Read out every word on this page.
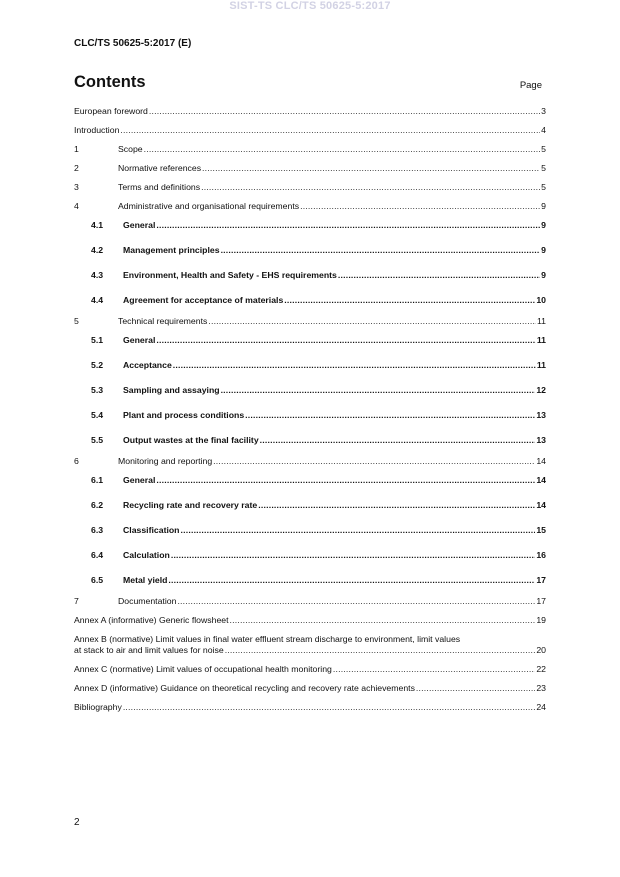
SIST-TS CLC/TS 50625-5:2017
CLC/TS 50625-5:2017 (E)
Contents	Page
European foreword .....	3
Introduction .....	4
1	Scope .....	5
2	Normative references .....	5
3	Terms and definitions .....	5
4	Administrative and organisational requirements .....	9
4.1	General .....	9
4.2	Management principles .....	9
4.3	Environment, Health and Safety - EHS requirements .....	9
4.4	Agreement for acceptance of materials .....	10
5	Technical requirements .....	11
5.1	General .....	11
5.2	Acceptance .....	11
5.3	Sampling and assaying .....	12
5.4	Plant and process conditions .....	13
5.5	Output wastes at the final facility .....	13
6	Monitoring and reporting .....	14
6.1	General .....	14
6.2	Recycling rate and recovery rate .....	14
6.3	Classification .....	15
6.4	Calculation .....	16
6.5	Metal yield .....	17
7	Documentation .....	17
Annex A (informative) Generic flowsheet .....	19
Annex B (normative) Limit values in final water effluent stream discharge to environment, limit values
at stack to air and limit values for noise .....	20
Annex C (normative) Limit values of occupational health monitoring .....	22
Annex D (informative) Guidance on theoretical recycling and recovery rate achievements .....	23
Bibliography .....	24
2
